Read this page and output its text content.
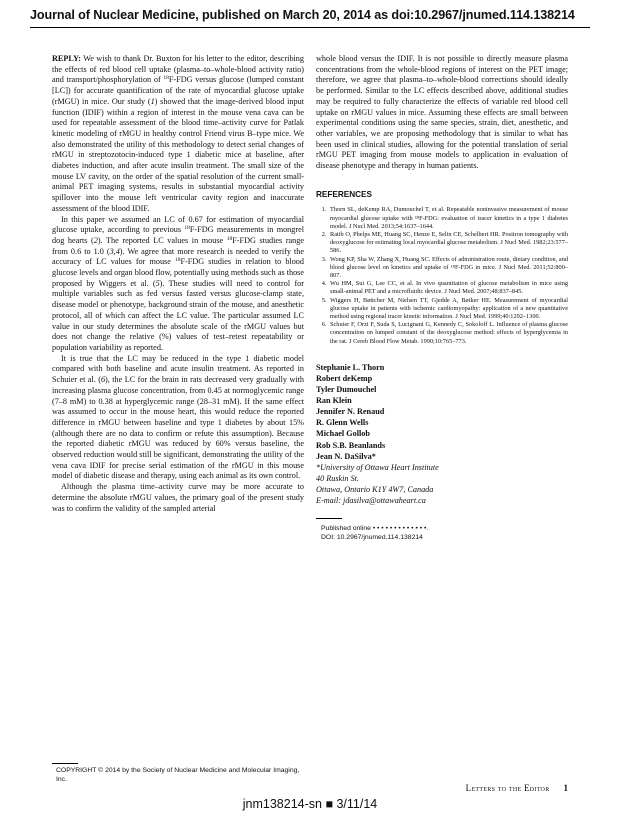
Journal of Nuclear Medicine, published on March 20, 2014 as doi:10.2967/jnumed.114.138214

REPLY: We wish to thank Dr. Buxton for his letter to the editor, describing the effects of red blood cell uptake (plasma–to–whole-blood activity ratio) and transport/phosphorylation of $^{18}$F-FDG versus glucose (lumped constant [LC]) for accurate quantification of the rate of myocardial glucose uptake (rMGU) in mice. Our study (1) showed that the image-derived blood input function (IDIF) within a region of interest in the mouse vena cava can be used for repeatable assessment of the blood time–activity curve for Patlak kinetic modeling of rMGU in healthy control Friend virus B–type mice. We also demonstrated the utility of this methodology to detect serial changes of rMGU in streptozotocin-induced type 1 diabetic mice at baseline, after diabetes induction, and after acute insulin treatment. The small size of the mouse LV cavity, on the order of the spatial resolution of the current small-animal PET imaging systems, results in substantial myocardial activity spillover into the mouse left ventricular cavity region and inaccurate assessment of the blood IDIF.

In this paper we assumed an LC of 0.67 for estimation of myocardial glucose uptake, according to previous $^{18}$F-FDG measurements in mongrel dog hearts (2). The reported LC values in mouse $^{18}$F-FDG studies range from 0.6 to 1.0 (3,4). We agree that more research is needed to verify the accuracy of LC values for mouse $^{18}$F-FDG studies in relation to blood glucose levels and organ blood flow, potentially using methods such as those proposed by Wiggers et al. (5). These studies will need to control for multiple variables such as fed versus fasted versus glucose-clamp state, disease model or phenotype, background strain of the mouse, and anesthetic protocol, all of which can affect the LC value. The particular assumed LC value in our study determines the absolute scale of the rMGU values but does not change the relative (%) values of test–retest repeatability or population variability as reported.

It is true that the LC may be reduced in the type 1 diabetic model compared with both baseline and acute insulin treatment. As reported in Schuier et al. (6), the LC for the brain in rats decreased very gradually with increasing plasma glucose concentration, from 0.45 at normoglycemic range (7–8 mM) to 0.38 at hyperglycemic range (28–31 mM). If the same effect was assumed to occur in the mouse heart, this would reduce the reported difference in rMGU between baseline and type 1 diabetes by about 15% (although there are no data to confirm or refute this assumption). Because the reported diabetic rMGU was reduced by 60% versus baseline, the observed reduction would still be significant, demonstrating the utility of the vena cava IDIF for precise serial estimation of the rMGU in this mouse model of diabetic disease and therapy, using each animal as its own control.

Although the plasma time–activity curve may be more accurate to determine the absolute rMGU values, the primary goal of the present study was to confirm the validity of the sampled arterial

whole blood versus the IDIF. It is not possible to directly measure plasma concentrations from the whole-blood regions of interest on the PET image; therefore, we agree that plasma–to–whole-blood corrections should ideally be performed. Similar to the LC effects described above, additional studies may be required to fully characterize the effects of variable red blood cell uptake on rMGU values in mice. Assuming these effects are small between experimental conditions using the same species, strain, diet, anesthetic, and other variables, we are proposing methodology that is similar to what has been used in clinical studies, allowing for the potential translation of serial rMGU PET imaging from mouse models to application in evaluation of disease phenotype and therapy in human patients.

REFERENCES
1. Thorn SL, deKemp RA, Dumouchel T, et al. Repeatable noninvasive measurement of mouse myocardial glucose uptake with ¹⁸F-FDG: evaluation of tracer kinetics in a type 1 diabetes model. J Nucl Med. 2013;54:1637–1644.
2. Ratib O, Phelps ME, Huang SC, Henze E, Selin CE, Schelbert HR. Positron tomography with deoxyglucose for estimating local myocardial glucose metabolism. J Nucl Med. 1982;23:577–586.
3. Wong KP, Sha W, Zhang X, Huang SC. Effects of administration route, dietary condition, and blood glucose level on kinetics and uptake of ¹⁸F-FDG in mice. J Nucl Med. 2011;52:800–807.
4. Wu HM, Sui G, Lee CC, et al. In vivo quantitation of glucose metabolism in mice using small-animal PET and a microfluidic device. J Nucl Med. 2007;48:837–845.
5. Wiggers H, Bøttcher M, Nielsen TT, Gjedde A, Bøtker HE. Measurement of myocardial glucose uptake in patients with ischemic cardiomyopathy: application of a new quantitative method using regional tracer kinetic information. J Nucl Med. 1999;40:1292–1300.
6. Schuier F, Orzi F, Suda S, Lucignani G, Kennedy C, Sokoloff L. Influence of plasma glucose concentration on lumped constant of the deoxyglucose method: effects of hyperglycemia in the rat. J Cereb Blood Flow Metab. 1990;10:765–773.
Stephanie L. Thorn
Robert deKemp
Tyler Dumouchel
Ran Klein
Jennifer N. Renaud
R. Glenn Wells
Michael Gollob
Rob S.B. Beanlands
Jean N. DaSilva*
*University of Ottawa Heart Institute
40 Ruskin St.
Ottawa, Ontario K1Y 4W7, Canada
E-mail: jdasilva@ottawaheart.ca
Published online • • • • • • • • • • • • •.
DOI: 10.2967/jnumed.114.138214
COPYRIGHT © 2014 by the Society of Nuclear Medicine and Molecular Imaging, Inc.
Letters to the Editor 1
jnm138214-sn ■ 3/11/14
